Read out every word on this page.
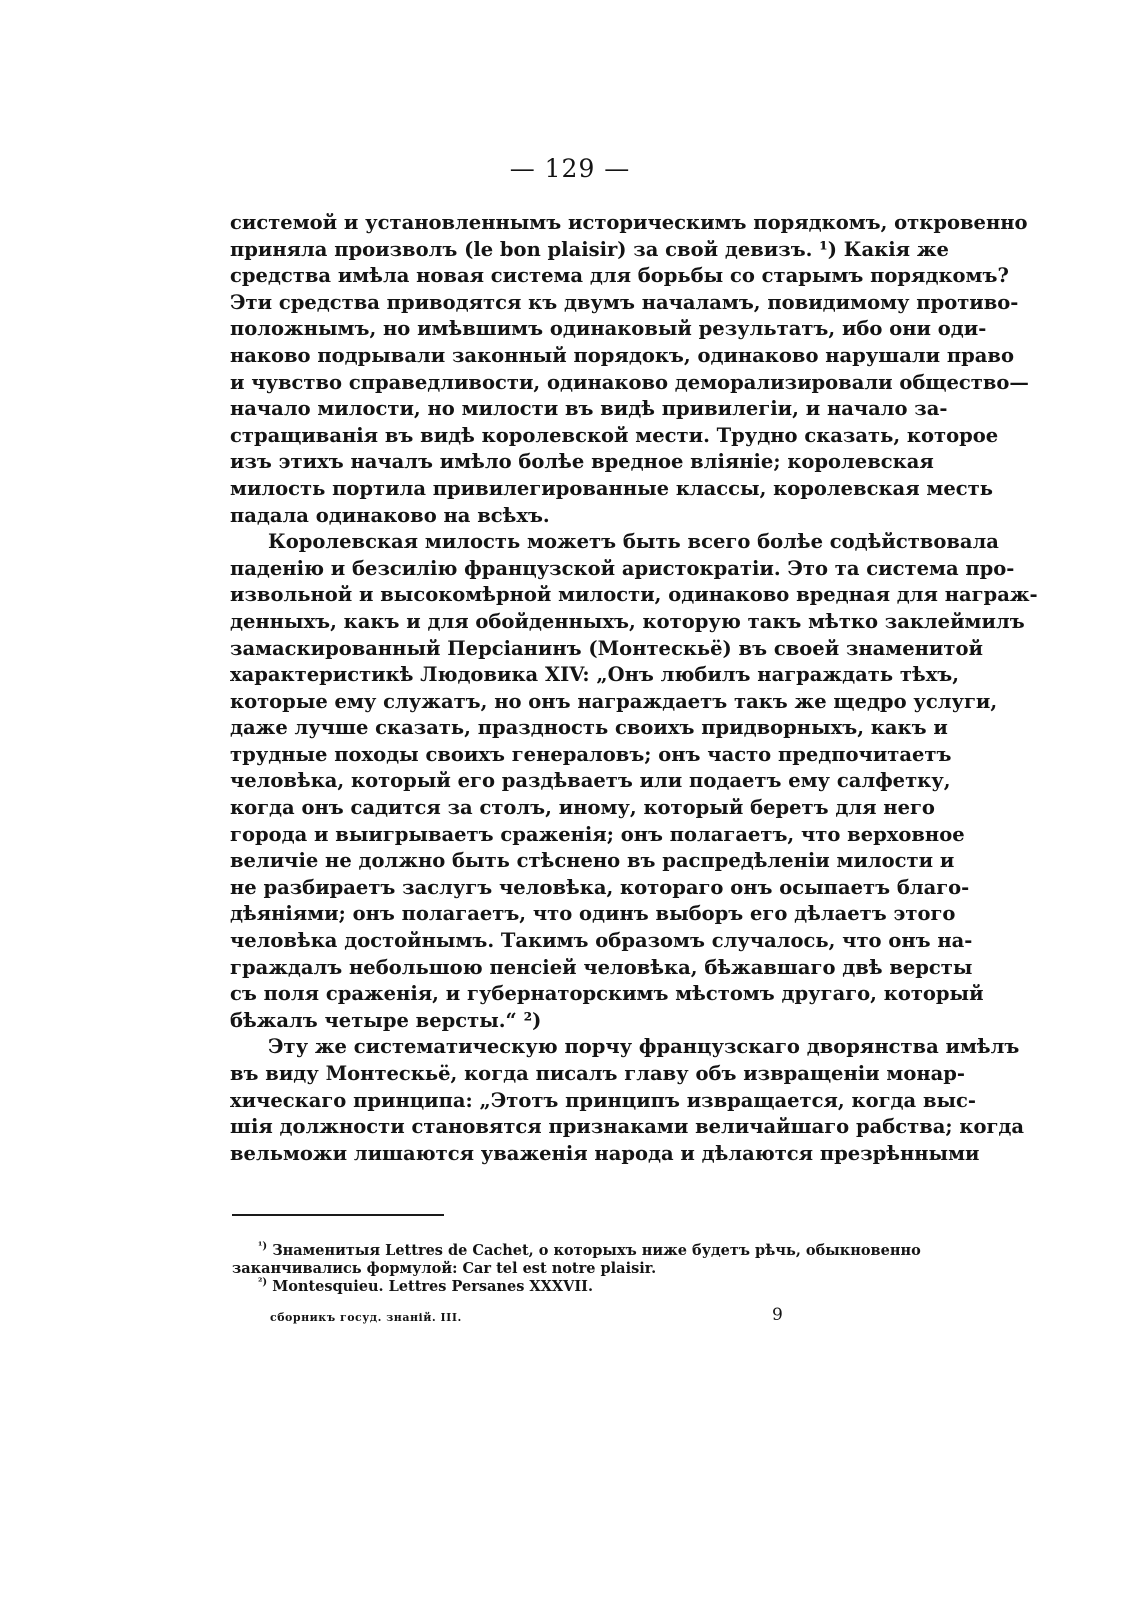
— 129 —

системой и установленнымъ историческимъ порядкомъ, откровенно
приняла произволъ (le bon plaisir) за свой девизъ. ¹) Какія же
средства имѣла новая система для борьбы со старымъ порядкомъ?
Эти средства приводятся къ двумъ началамъ, повидимому противо-
положнымъ, но имѣвшимъ одинаковый результатъ, ибо они оди-
наково подрывали законный порядокъ, одинаково нарушали право
и чувство справедливости, одинаково деморализировали общество—
начало милости, но милости въ видѣ привилегіи, и начало за-
стращиванія въ видѣ королевской мести. Трудно сказать, которое
изъ этихъ началъ имѣло болѣе вредное вліяніе; королевская
милость портила привилегированные классы, королевская месть
падала одинаково на всѣхъ.

Королевская милость можетъ быть всего болѣе содѣйствовала
паденію и безсилію французской аристократіи. Это та система про-
извольной и высокомѣрной милости, одинаково вредная для награж-
денныхъ, какъ и для обойденныхъ, которую такъ мѣтко заклеймилъ
замаскированный Персіанинъ (Монтескьё) въ своей знаменитой
характеристикѣ Людовика XIV: „Онъ любилъ награждать тѣхъ,
которые ему служатъ, но онъ награждаетъ такъ же щедро услуги,
даже лучше сказать, праздность своихъ придворныхъ, какъ и
трудные походы своихъ генераловъ; онъ часто предпочитаетъ
человѣка, который его раздѣваетъ или подаетъ ему салфетку,
когда онъ садится за столъ, иному, который беретъ для него
города и выигрываетъ сраженія; онъ полагаетъ, что верховное
величіе не должно быть стѣснено въ распредѣленіи милости и
не разбираетъ заслугъ человѣка, котораго онъ осыпаетъ благо-
дѣяніями; онъ полагаетъ, что одинъ выборъ его дѣлаетъ этого
человѣка достойнымъ. Такимъ образомъ случалось, что онъ на-
граждалъ небольшою пенсіей человѣка, бѣжавшаго двѣ версты
съ поля сраженія, и губернаторскимъ мѣстомъ другаго, который
бѣжалъ четыре версты.“ ²)

Эту же систематическую порчу французскаго дворянства имѣлъ
въ виду Монтескьё, когда писалъ главу объ извращеніи монар-
хическаго принципа: „Этотъ принципъ извращается, когда выс-
шія должности становятся признаками величайшаго рабства; когда
вельможи лишаются уваженія народа и дѣлаются презрѣнными

$^{^1)}$ Знаменитыя Lettres de Cachet, о которыхъ ниже будетъ рѣчь, обыкновенно
заканчивались формулой: Car tel est notre plaisir.

$^{^2)}$ Montesquieu. Lettres Persanes XXXVII.

сборникъ госуд. знаній. III.	9
